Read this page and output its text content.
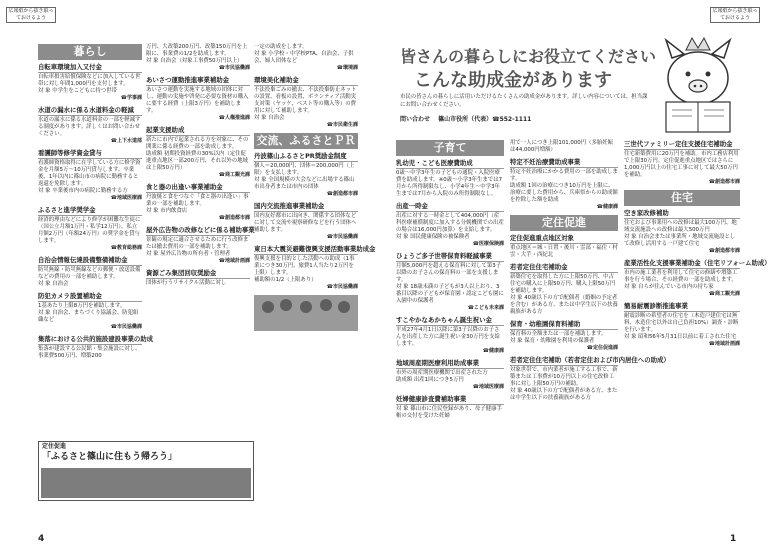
広報紙から抜き取っておけるよう
暮らし
自転車環境加入又付金
自転車損害賠償保険などに加入している世帯に対し年間1,000円を支付します。
対 象 中学生をこどもに持つ世帯
☎学事課
水道の漏水に係る水道料金の軽減
水道の漏水に係る水道料金の一部を軽減する制度があります。詳しくはお問い合わせください。
☎上下水道部
看護師等修学資金貸与
看護師資格取得に在学している方に修学資金を月額5万～10万円貸与します。卒業後、1年以内に篠山市の病院に勤務すると返還を免除します。
対 象 卒業後市内の病院に勤務する方
☎地域医療課
ふるさと進学奨学金
経済的理由などにより修学が困難な生徒に（国公立月額1万円・私学12万円）、私立月額2万円（年額24万円）の奨学金を貸与します。
☎教育総務課
自治会情報伝達設備整備補助金
防災無線・防災無線などの郵便・放送設備などの費用の一部を補助します。
対 象 自治会
防犯カメラ設置補助金
1基あたり上限8万円を補助します。
対 象 自治会、まちづくり協議会、防犯組織など
☎市民協働課
集落における公共的施設建設事業の助成
集落が建設する公民館・集会施設に対し、事業費500万円、増築200
万円、大改築200万円、改築150万円を上限に、事業費の1/2を助成します。
対 象 自治会（対象工事費50万円以上）
☎市民協働課
あいさつ運動推進事業補助金
あいさつ運動を実施する地域の団体に対し、運動の実施や啓発に必要な資材の購入に要する経費（上限3万円）を補助します。
☎人権推進課
起業支援助成
新たに市内で起業される方を対象に、その開業に係る経費の一部を助成します。
助成額 初期投資経費の30%以内（定住促進重点地区一部200万円、それ以外の地域は上限50万円）
☎商工観光課
食と器の出逢い事業補助金
丹波焼と食をつなぐ「食と器の出逢い」事業の一部を補助します。
対 象 市内飲食店
☎創造都市課
屋外広告物の改修などに係る補助事業
景観の規定に適合させるために行う改修または撤去費用の一部を補助します。
対 象 屋外広告物の所有者・管理者
☎地域計画課
資源ごみ集団回収奨励金
団体が行うリサイクル活動に対し
一定の助成をします。
対 象 小学校・中学校PTA、自治会、子供会、婦人団体など
☎環境課
環境美化補助金
不法投棄ごみの撤去、不法投棄防止ネットの設置、看板の設置、ボランティア活動実支対策（ヤッケ、ベスト等の購入等）の費用に対して補助します。
対 象 自治会
☎市民衛生課
交流、ふるさとＰＲ
丹波篠山ふるさとPR奨励金制度
個人＝20,000円、団体＝200,000円（上限）を支払します。
対 象 全国規模の大会などに出場する篠山市出身者または市内の団体
☎創造都市課
国内交流推進事業補助金
国内友好都市に出向き、関係する団体などに対して交流や視察研修などを行う団体へ補助します。
☎市民協働課
東日本大震災避難復興支援活動事業助成金
復興支援を目的とした活動への助成（1事業につき30万円、旅費1人当たり2万円を上限）します。
補助額の1/2（上限あり）
☎市民協働課
定住促進
「ふるさと篠山に住もう帰ろう」
4
広報紙から抜き取っておけるよう
皆さんの暮らしにお役立てください
こんな助成金があります
市民の皆さんの暮らしに活用いただけるたくさんの助成金があります。詳しい内容については、担当課にお問い合わせください。
問い合わせ 篠山市役所（代表）☎552-1111
子育て
乳幼児・こども医療費助成
0歳～中学3年生の子どもの通院・入院医療費を助成します。※0歳～小学3年生までは7月から所得制限なし、小学4年生～中学3年生までは7月から入院のみ所得制限なし。
出産一時金
出産に対する一時金として404,000円（産科医療補償制度に加入する分娩機関での出産の場合は16,000円加算）を支給します。
対 象 国民健康保険の被保険者
☎医療保険課
ひょうご多子世帯保育料軽減事業
月額5,000円を超える保育料に対して第3子以降のお子さんの保育料の一部を支援します。
対 象 18歳未満の子どもが3人以上おり、3番目以降の子どもが保育園・認定こども園に入園中の保護者
☎こども未来課
すこやかなあかちゃん誕生祝い金
平成27年4月1日以降に第3子以降のお子さんを出産した方に誕生祝い金30万円を支給します。
☎健康課
地域周産期医療利用助成事業
市外の周産期医療機関で出産された方
助成額 出産1回につき5万円
☎地域医療課
妊婦健康診査費補助事業
対 象 篠山市に住民登録があり、母子健康手帳の交付を受けた妊婦
用で一人につき上限101,000円（多胎妊娠は44,000円増額）
特定不妊治療費助成事業
特定不妊治療にかかる費用の一部を助成します。
助成額 1回の治療につき10万円を上限に、治療に要した費用から、兵庫県からの助成額を控除した額を助成
☎健康課
定住促進
定住促進重点地区対象
重点地区＝城・日置・後川・雲部・福住・村雲・大芋・西紀北
若者定住住宅補助金
新築住宅を取得した方に上限50万円、中古住宅の購入に上限50万円、購入上限50万円を補助します。
対 象 40歳以下の方で配偶者（婚姻の予定者を含む）がある方、または中学生以下の扶養親族がある方
保育・幼稚園保育料補助
保育料の全額または一部を補助します。
対 象 保育・幼稚園を利用の保護者
☎定住促進課
若者定住住宅補助（若者定住および市内居住への助成）
対象世帯で、市内業者が施工する工事で、新築または工事費が10万円以上の住宅改修工事に対し上限50万円の補助。
対 象 40歳以下の方で配偶者がある方、または中学生以下の扶養親族がある方
三世代ファミリー定住支援住宅補助金
住宅新築費用に20万円を補助。市内工務店利用で上限30万円。定住促進重点地区ではさらに1,000万円以上の住宅工事に対して最大50万円を補助。
☎創造都市課
住宅
空き家改修補助
住宅および事業用への改修は最大100万円、地域交流施設への改修は最大500万円
対 象 自治会または事業所・地域交流施設として改修し活用する一戸建て住宅
☎創造都市課
産業活性化支援事業補助金（住宅リフォーム助成）
市内の施工業者を利用して住宅の修繕や増築工事を行う場合、その経費の一部を助成します。
対 象 自らが住んでいる市内の持ち家
☎商工観光課
簡易耐震診断推進事業
耐震診断の希望者の住宅を（木造戸建住宅は無料、木造住宅以外は自己負担10%）調査・診断を行います。
対 象 昭和56年5月31日以前に着工された住宅
☎地域計画課
1
